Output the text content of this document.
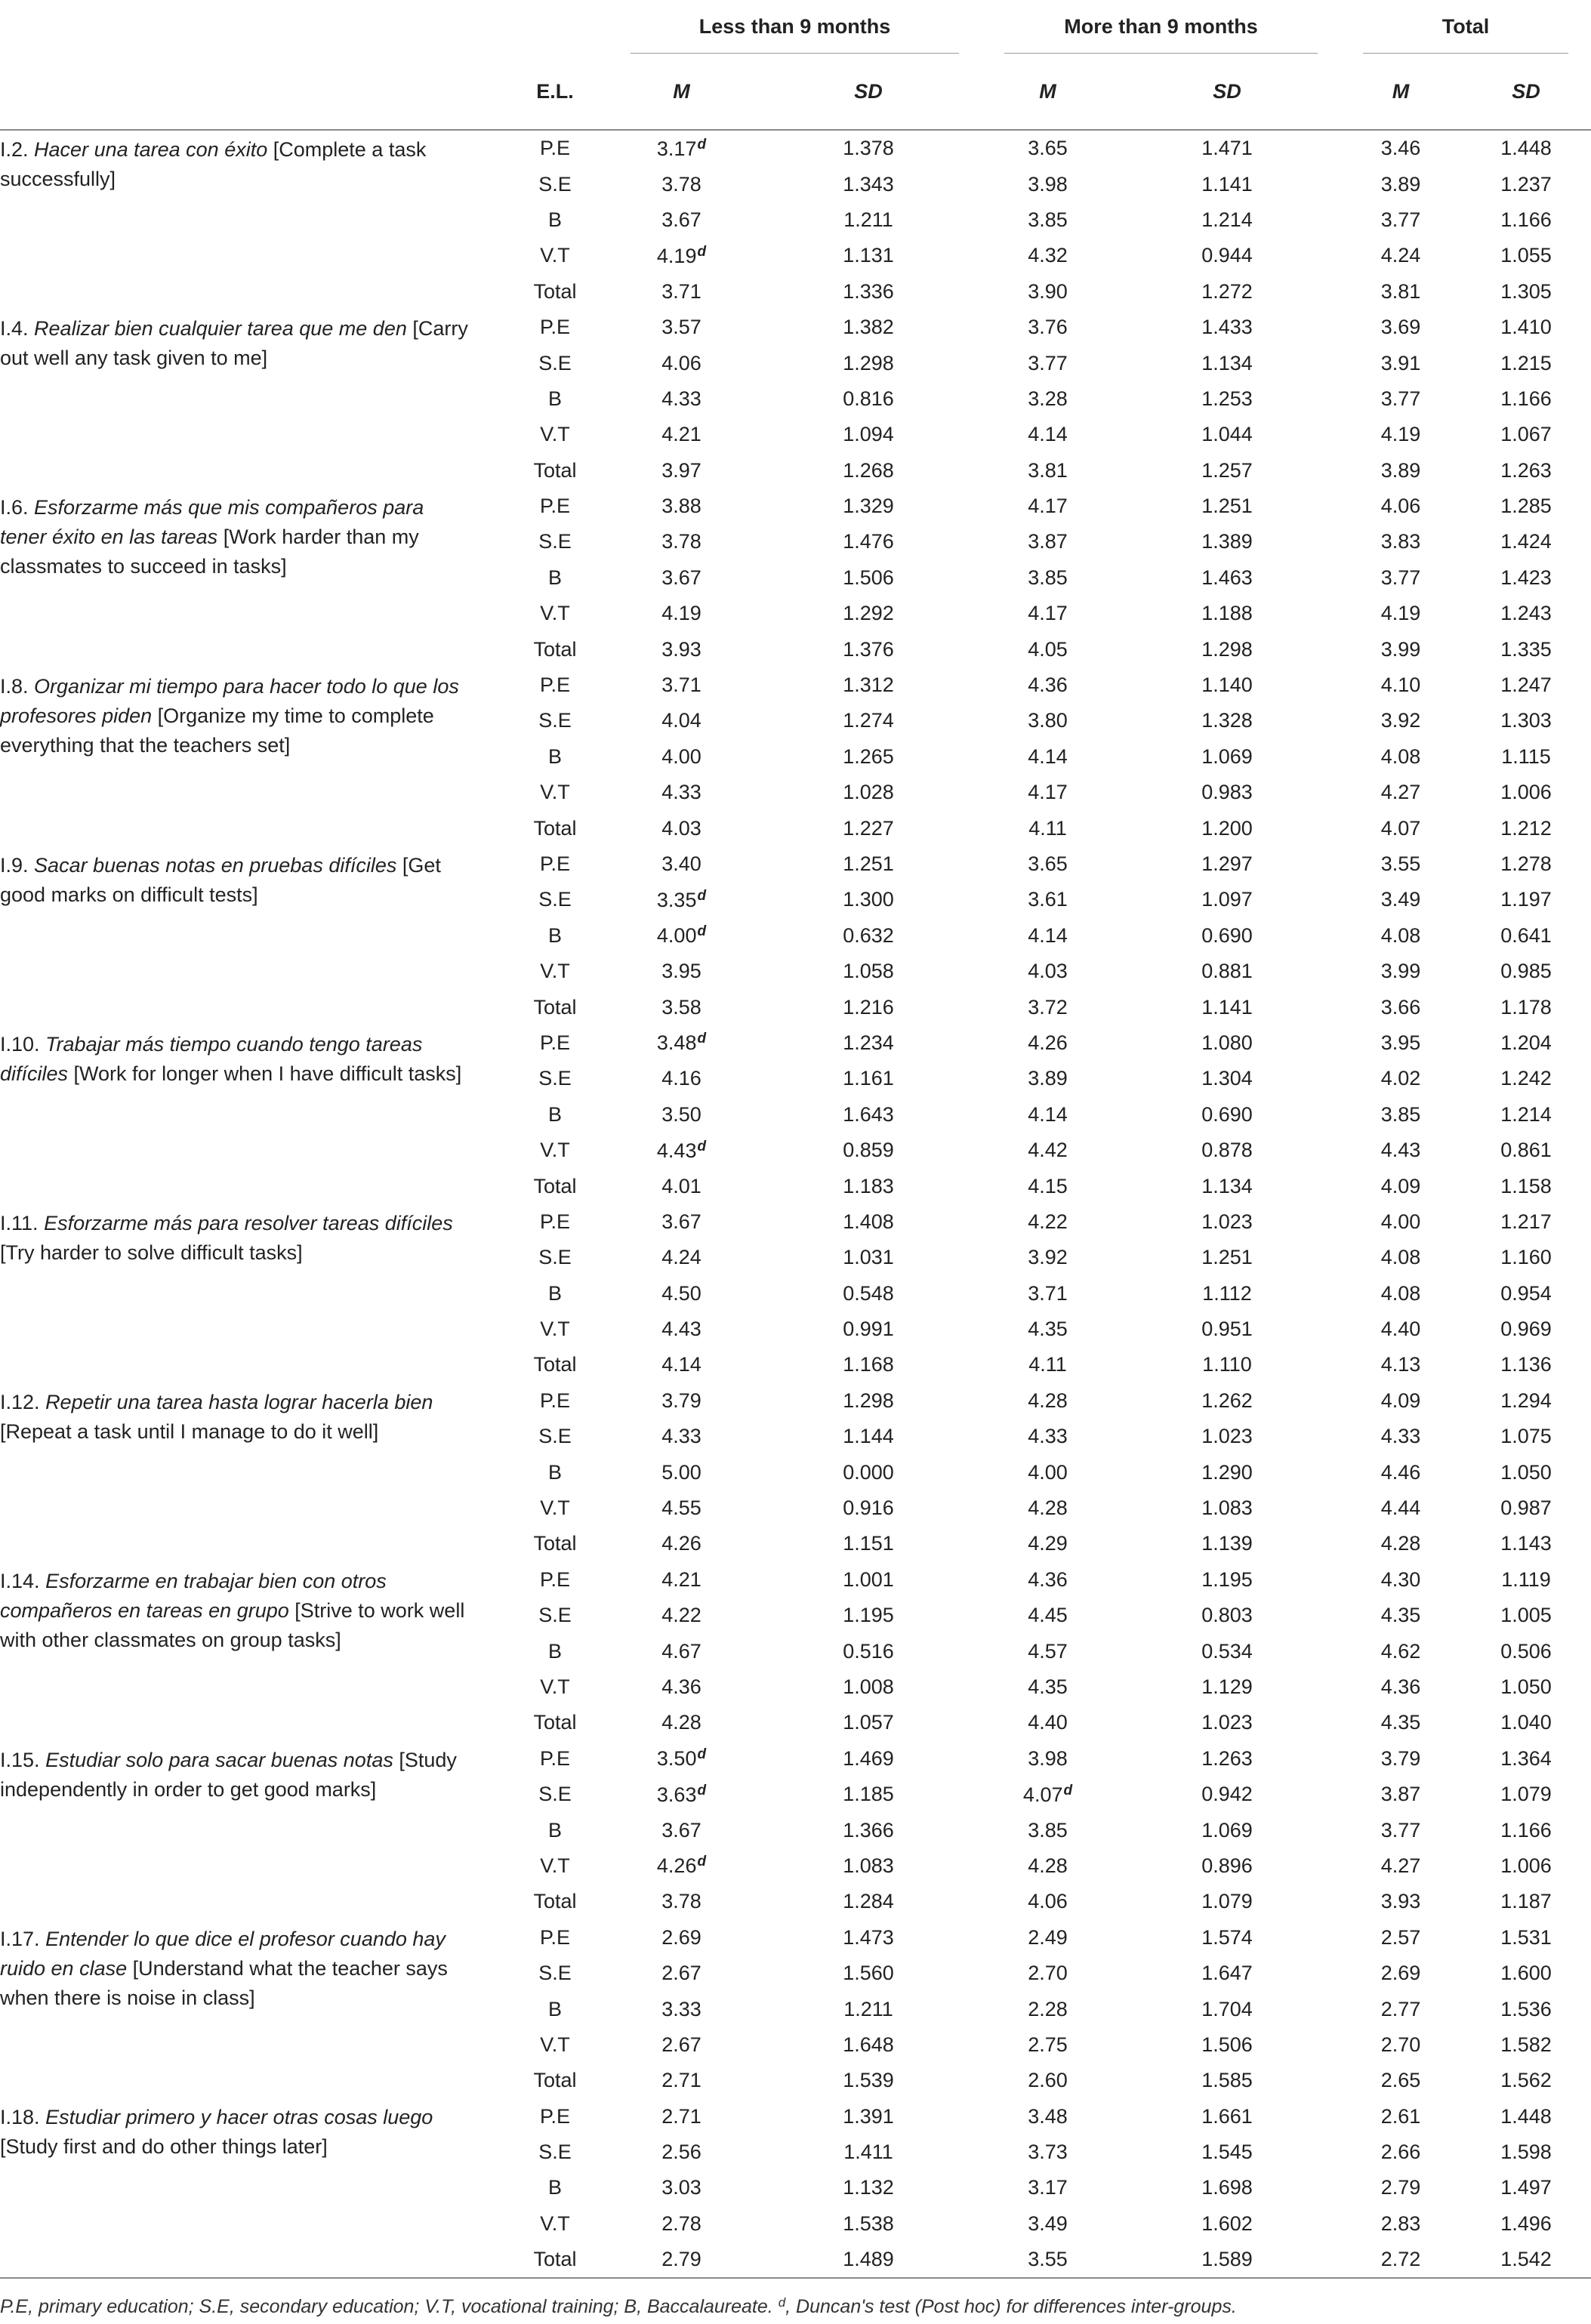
		Less than 9 months		More than 9 months		Total	

	E.L.	M	SD	M	SD	M	SD
I.2. Hacer una tarea con éxito [Complete a task successfully]	P.E	3.17$^d$	1.378	3.65	1.471	3.46	1.448
	S.E	3.78	1.343	3.98	1.141	3.89	1.237
	B	3.67	1.211	3.85	1.214	3.77	1.166
	V.T	4.19$^d$	1.131	4.32	0.944	4.24	1.055
	Total	3.71	1.336	3.90	1.272	3.81	1.305
I.4. Realizar bien cualquier tarea que me den [Carry out well any task given to me]	P.E	3.57	1.382	3.76	1.433	3.69	1.410
	S.E	4.06	1.298	3.77	1.134	3.91	1.215
	B	4.33	0.816	3.28	1.253	3.77	1.166
	V.T	4.21	1.094	4.14	1.044	4.19	1.067
	Total	3.97	1.268	3.81	1.257	3.89	1.263
I.6. Esforzarme más que mis compañeros para tener éxito en las tareas [Work harder than my classmates to succeed in tasks]	P.E	3.88	1.329	4.17	1.251	4.06	1.285
	S.E	3.78	1.476	3.87	1.389	3.83	1.424
	B	3.67	1.506	3.85	1.463	3.77	1.423
	V.T	4.19	1.292	4.17	1.188	4.19	1.243
	Total	3.93	1.376	4.05	1.298	3.99	1.335
I.8. Organizar mi tiempo para hacer todo lo que los profesores piden [Organize my time to complete everything that the teachers set]	P.E	3.71	1.312	4.36	1.140	4.10	1.247
	S.E	4.04	1.274	3.80	1.328	3.92	1.303
	B	4.00	1.265	4.14	1.069	4.08	1.115
	V.T	4.33	1.028	4.17	0.983	4.27	1.006
	Total	4.03	1.227	4.11	1.200	4.07	1.212
I.9. Sacar buenas notas en pruebas difíciles [Get good marks on difficult tests]	P.E	3.40	1.251	3.65	1.297	3.55	1.278
	S.E	3.35$^d$	1.300	3.61	1.097	3.49	1.197
	B	4.00$^d$	0.632	4.14	0.690	4.08	0.641
	V.T	3.95	1.058	4.03	0.881	3.99	0.985
	Total	3.58	1.216	3.72	1.141	3.66	1.178
I.10. Trabajar más tiempo cuando tengo tareas difíciles [Work for longer when I have difficult tasks]	P.E	3.48$^d$	1.234	4.26	1.080	3.95	1.204
	S.E	4.16	1.161	3.89	1.304	4.02	1.242
	B	3.50	1.643	4.14	0.690	3.85	1.214
	V.T	4.43$^d$	0.859	4.42	0.878	4.43	0.861
	Total	4.01	1.183	4.15	1.134	4.09	1.158
I.11. Esforzarme más para resolver tareas difíciles [Try harder to solve difficult tasks]	P.E	3.67	1.408	4.22	1.023	4.00	1.217
	S.E	4.24	1.031	3.92	1.251	4.08	1.160
	B	4.50	0.548	3.71	1.112	4.08	0.954
	V.T	4.43	0.991	4.35	0.951	4.40	0.969
	Total	4.14	1.168	4.11	1.110	4.13	1.136
I.12. Repetir una tarea hasta lograr hacerla bien [Repeat a task until I manage to do it well]	P.E	3.79	1.298	4.28	1.262	4.09	1.294
	S.E	4.33	1.144	4.33	1.023	4.33	1.075
	B	5.00	0.000	4.00	1.290	4.46	1.050
	V.T	4.55	0.916	4.28	1.083	4.44	0.987
	Total	4.26	1.151	4.29	1.139	4.28	1.143
I.14. Esforzarme en trabajar bien con otros compañeros en tareas en grupo [Strive to work well with other classmates on group tasks]	P.E	4.21	1.001	4.36	1.195	4.30	1.119
	S.E	4.22	1.195	4.45	0.803	4.35	1.005
	B	4.67	0.516	4.57	0.534	4.62	0.506
	V.T	4.36	1.008	4.35	1.129	4.36	1.050
	Total	4.28	1.057	4.40	1.023	4.35	1.040
I.15. Estudiar solo para sacar buenas notas [Study independently in order to get good marks]	P.E	3.50$^d$	1.469	3.98	1.263	3.79	1.364
	S.E	3.63$^d$	1.185	4.07$^d$	0.942	3.87	1.079
	B	3.67	1.366	3.85	1.069	3.77	1.166
	V.T	4.26$^d$	1.083	4.28	0.896	4.27	1.006
	Total	3.78	1.284	4.06	1.079	3.93	1.187
I.17. Entender lo que dice el profesor cuando hay ruido en clase [Understand what the teacher says when there is noise in class]	P.E	2.69	1.473	2.49	1.574	2.57	1.531
	S.E	2.67	1.560	2.70	1.647	2.69	1.600
	B	3.33	1.211	2.28	1.704	2.77	1.536
	V.T	2.67	1.648	2.75	1.506	2.70	1.582
	Total	2.71	1.539	2.60	1.585	2.65	1.562
I.18. Estudiar primero y hacer otras cosas luego [Study first and do other things later]	P.E	2.71	1.391	3.48	1.661	2.61	1.448
	S.E	2.56	1.411	3.73	1.545	2.66	1.598
	B	3.03	1.132	3.17	1.698	2.79	1.497
	V.T	2.78	1.538	3.49	1.602	2.83	1.496
	Total	2.79	1.489	3.55	1.589	2.72	1.542

P.E, primary education; S.E, secondary education; V.T, vocational training; B, Baccalaureate. $^d$, Duncan's test (Post hoc) for differences inter-groups.
